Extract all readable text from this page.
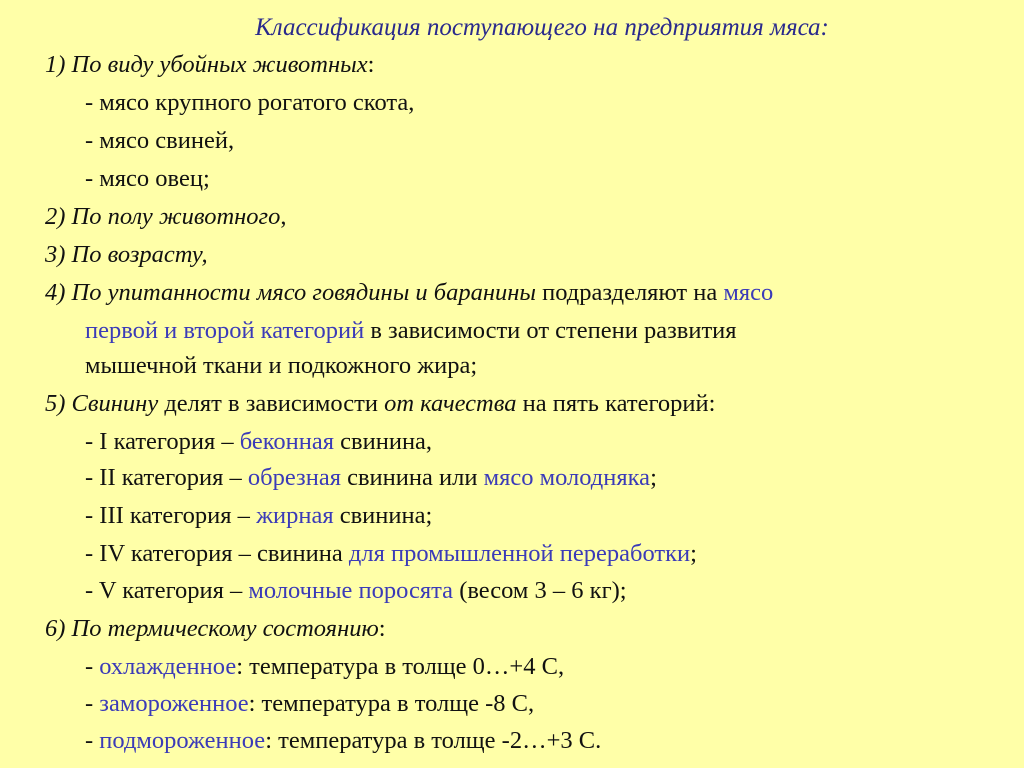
Классификация поступающего на предприятия мяса:
1) По виду убойных животных:
- мясо крупного рогатого скота,
- мясо свиней,
- мясо овец;
2) По полу животного,
3) По возрасту,
4) По упитанности мясо говядины и баранины подразделяют на мясо
первой и второй категорий в зависимости от степени развития
мышечной ткани и подкожного жира;
5) Свинину делят в зависимости от качества на пять категорий:
- I категория – беконная свинина,
- II категория – обрезная свинина или мясо молодняка;
- III категория – жирная свинина;
- IV категория – свинина для промышленной переработки;
- V категория – молочные поросята (весом 3 – 6 кг);
6) По термическому состоянию:
- охлажденное: температура в толще 0…+4 С,
- замороженное: температура в толще -8 С,
- подмороженное: температура в толще -2…+3 С.
